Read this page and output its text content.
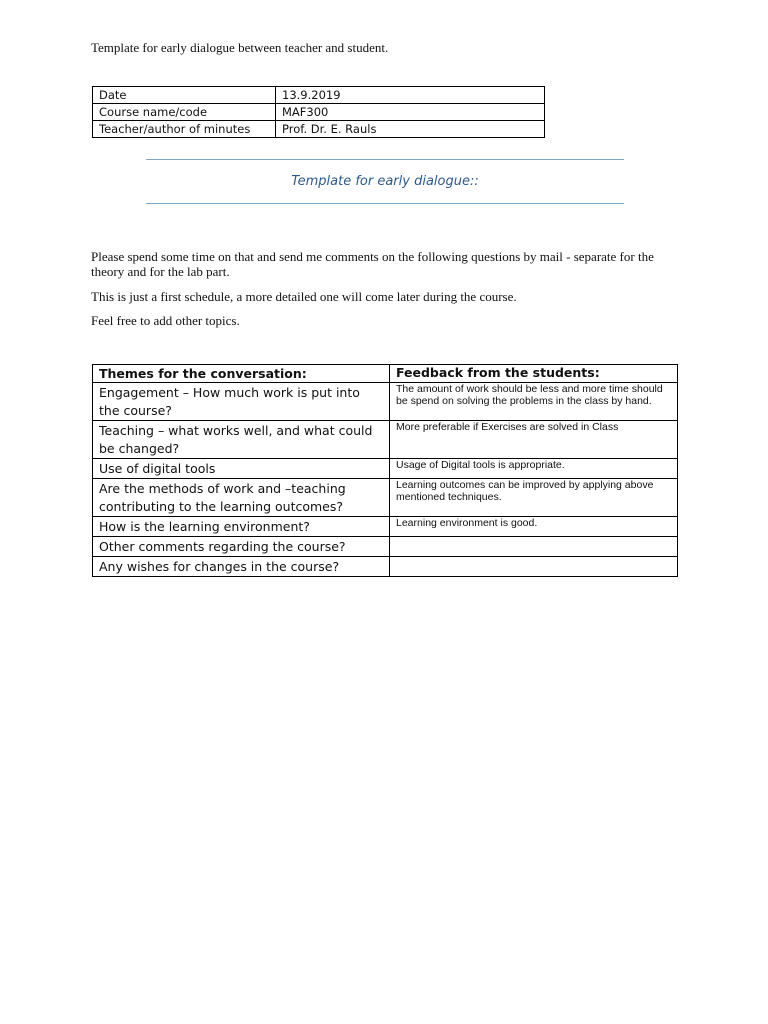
Template for early dialogue between teacher and student.
Date	13.9.2019
Course name/code	MAF300
Teacher/author of minutes	Prof. Dr. E. Rauls
Template for early dialogue::
Please spend some time on that and send me comments on the following questions by mail - separate for the theory and for the lab part.
This is just a first schedule, a more detailed one will come later during the course.
Feel free to add other topics.
Themes for the conversation:	Feedback from the students:
Engagement – How much work is put into the course?	The amount of work should be less and more time should be spend on solving the problems in the class by hand.
Teaching – what works well, and what could be changed?	More preferable if Exercises are solved in Class
Use of digital tools	Usage of Digital tools is appropriate.
Are the methods of work and –teaching contributing to the learning outcomes?	Learning outcomes can be improved by applying above mentioned techniques.
How is the learning environment?	Learning environment is good.
Other comments regarding the course?	
Any wishes for changes in the course?	
